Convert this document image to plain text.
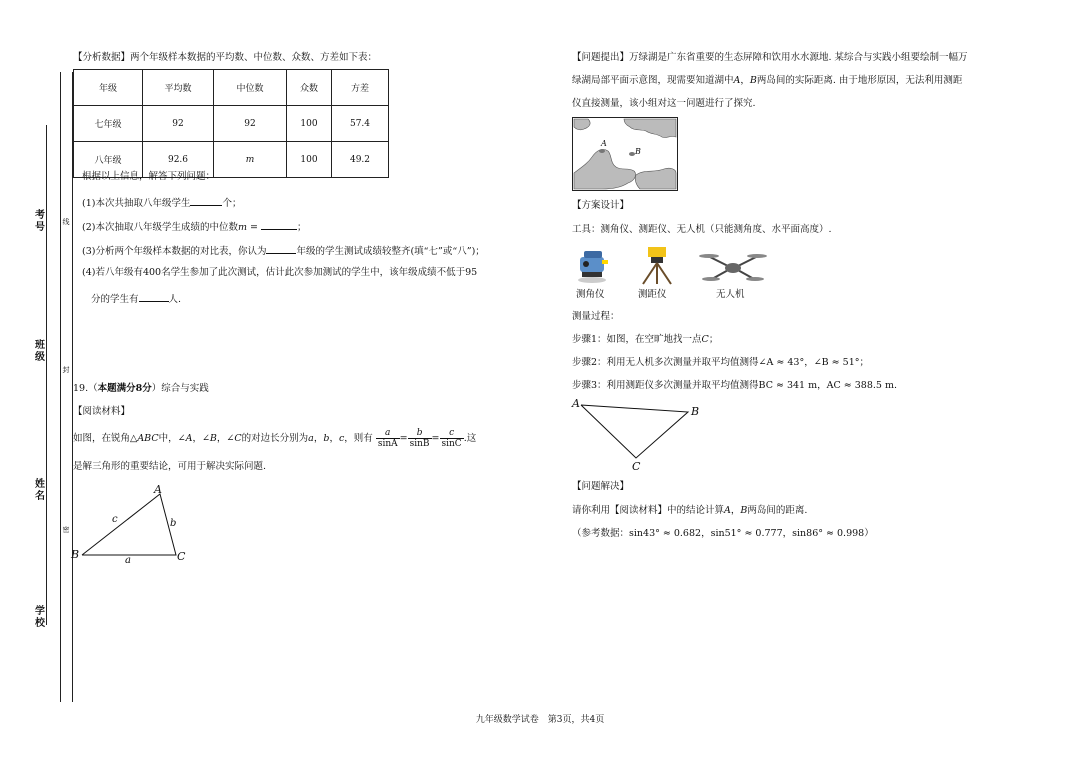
考号	线
班级
封
姓名
密
学校
【分析数据】两个年级样本数据的平均数、中位数、众数、方差如下表：
年级	平均数	中位数	众数	方差
七年级	92	92	100	57.4
八年级	92.6	m	100	49.2
根据以上信息，解答下列问题：
(1)本次共抽取八年级学生	个；
(2)本次抽取八年级学生成绩的中位数m =	；
(3)分析两个年级样本数据的对比表，你认为	年级的学生测试成绩较整齐(填“七”或“八”)；
(4)若八年级有400名学生参加了此次测试，估计此次参加测试的学生中，该年级成绩不低于95
分的学生有	人.
19.（本题满分8分）综合与实践
【阅读材料】
如图，在锐角△ABC中，∠A，∠B，∠C的对边长分别为a，b，c，则有 $\frac{a}{\sin A} = \frac{b}{\sin B} = \frac{c}{\sin C}$ .这
是解三角形的重要结论，可用于解决实际问题.
A
B	C
c	b
a
【问题提出】万绿湖是广东省重要的生态屏障和饮用水水源地. 某综合与实践小组要绘制一幅万
绿湖局部平面示意图，现需要知道湖中A，B两岛间的实际距离. 由于地形原因，无法利用测距
仪直接测量，该小组对这一问题进行了探究.
A
B
【方案设计】
工具：测角仪、测距仪、无人机（只能测角度、水平面高度）.
测角仪	测距仪	无人机
测量过程：
步骤1：如图，在空旷地找一点C；
步骤2：利用无人机多次测量并取平均值测得∠A ≈ 43°，∠B ≈ 51°；
步骤3：利用测距仪多次测量并取平均值测得BC ≈ 341 m，AC ≈ 388.5 m.
A
B
C
【问题解决】
请你利用【阅读材料】中的结论计算A，B两岛间的距离.
（参考数据：sin43° ≈ 0.682，sin51° ≈ 0.777，sin86° ≈ 0.998）
九年级数学试卷　第3页，共4页
